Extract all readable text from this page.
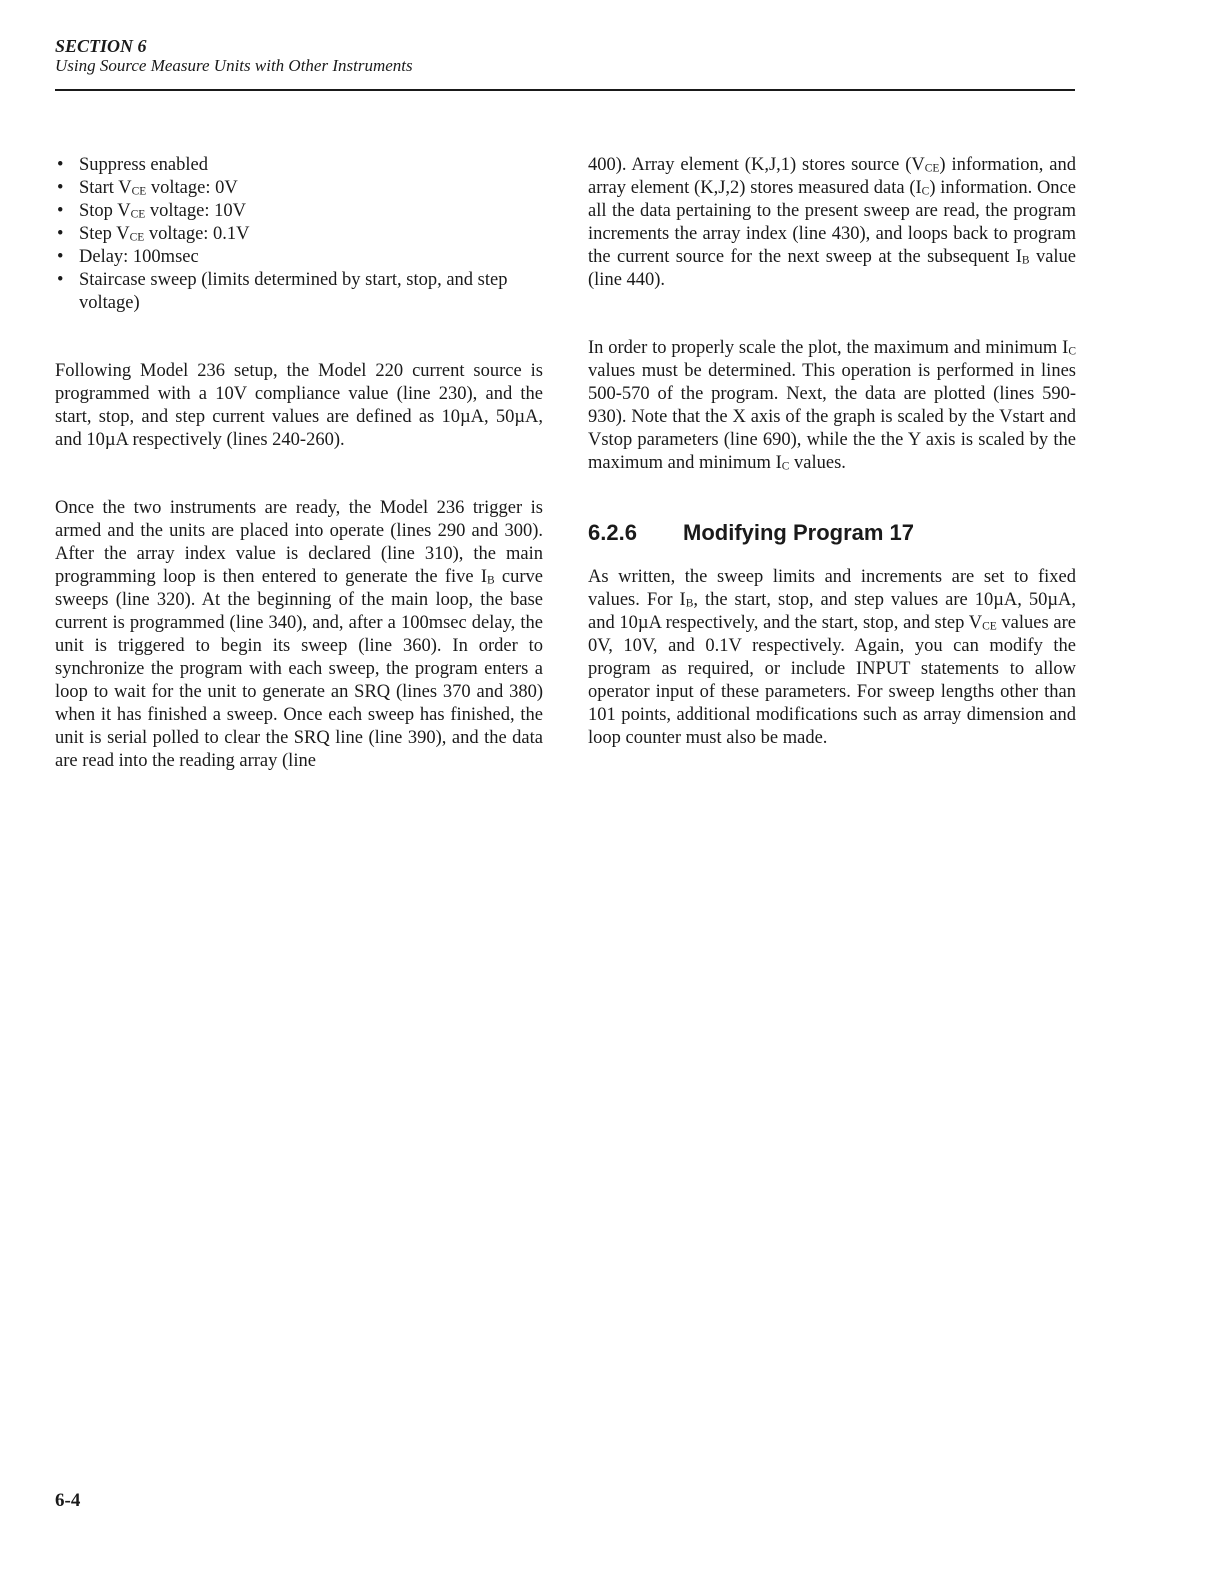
SECTION 6
Using Source Measure Units with Other Instruments
• Suppress enabled
• Start $V_{CE}$ voltage: 0V
• Stop $V_{CE}$ voltage: 10V
• Step $V_{CE}$ voltage: 0.1V
• Delay: 100msec
• Staircase sweep (limits determined by start, stop, and step voltage)

Following Model 236 setup, the Model 220 current source is programmed with a 10V compliance value (line 230), and the start, stop, and step current values are defined as 10µA, 50µA, and 10µA respectively (lines 240-260).

Once the two instruments are ready, the Model 236 trigger is armed and the units are placed into operate (lines 290 and 300). After the array index value is declared (line 310), the main programming loop is then entered to generate the five $I_B$ curve sweeps (line 320). At the beginning of the main loop, the base current is programmed (line 340), and, after a 100msec delay, the unit is triggered to begin its sweep (line 360). In order to synchronize the program with each sweep, the program enters a loop to wait for the unit to generate an SRQ (lines 370 and 380) when it has finished a sweep. Once each sweep has finished, the unit is serial polled to clear the SRQ line (line 390), and the data are read into the reading array (line

400). Array element (K,J,1) stores source $(V_{CE})$ information, and array element (K,J,2) stores measured data $(I_C)$ information. Once all the data pertaining to the present sweep are read, the program increments the array index (line 430), and loops back to program the current source for the next sweep at the subsequent $I_B$ value (line 440).

In order to properly scale the plot, the maximum and minimum $I_C$ values must be determined. This operation is performed in lines 500-570 of the program. Next, the data are plotted (lines 590-930). Note that the X axis of the graph is scaled by the Vstart and Vstop parameters (line 690), while the the Y axis is scaled by the maximum and minimum $I_C$ values.

6.2.6 Modifying Program 17

As written, the sweep limits and increments are set to fixed values. For $I_B$, the start, stop, and step values are 10µA, 50µA, and 10µA respectively, and the start, stop, and step $V_{CE}$ values are 0V, 10V, and 0.1V respectively. Again, you can modify the program as required, or include INPUT statements to allow operator input of these parameters. For sweep lengths other than 101 points, additional modifications such as array dimension and loop counter must also be made.

6-4
